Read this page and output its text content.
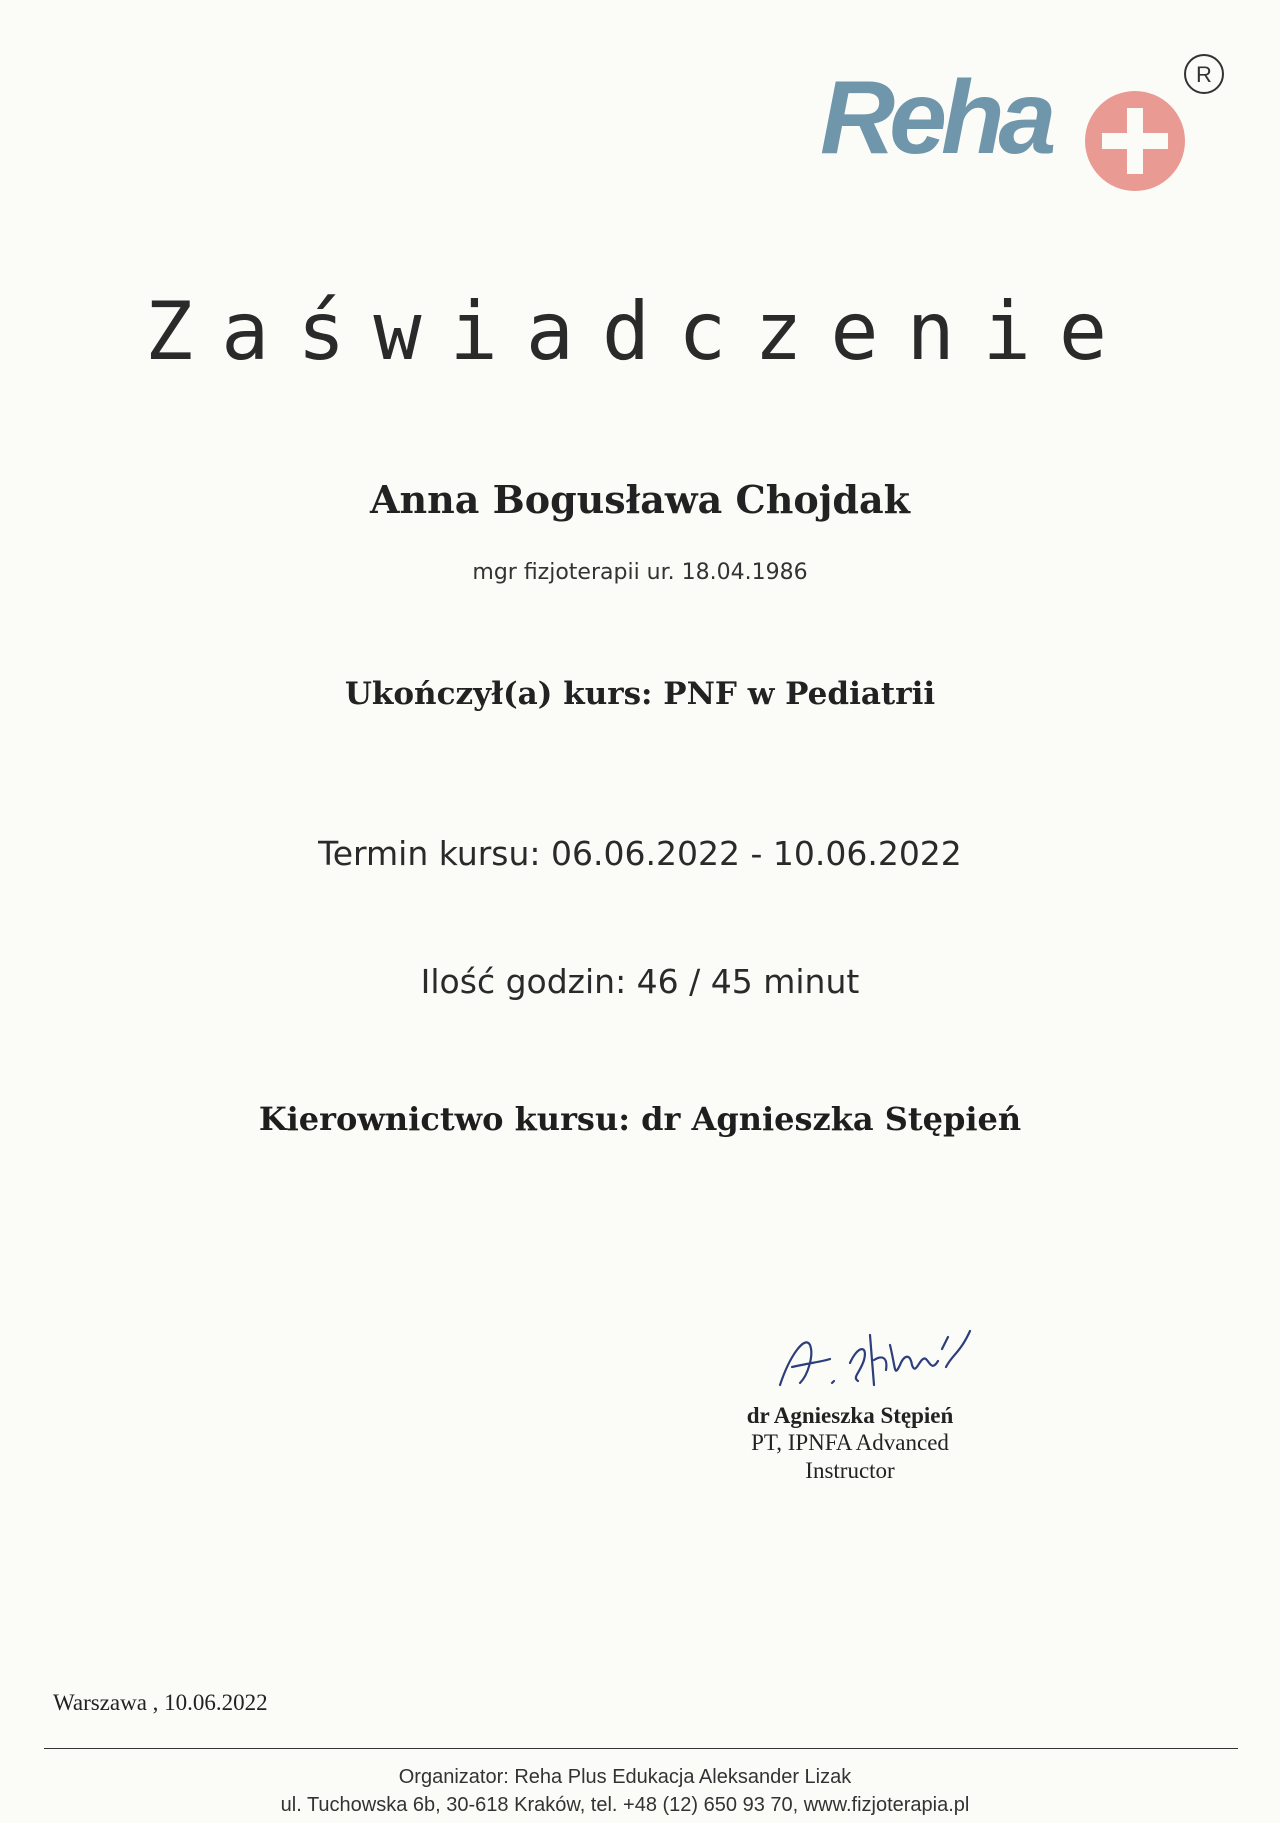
Reha	R
Zaświadczenie
Anna Bogusława Chojdak
mgr fizjoterapii ur. 18.04.1986
Ukończył(a) kurs: PNF w Pediatrii
Termin kursu: 06.06.2022 - 10.06.2022
Ilość godzin: 46 / 45 minut
Kierownictwo kursu: dr Agnieszka Stępień
dr Agnieszka Stępień
PT, IPNFA Advanced
Instructor
Warszawa , 10.06.2022
Organizator: Reha Plus Edukacja Aleksander Lizak
ul. Tuchowska 6b, 30-618 Kraków, tel. +48 (12) 650 93 70, www.fizjoterapia.pl
